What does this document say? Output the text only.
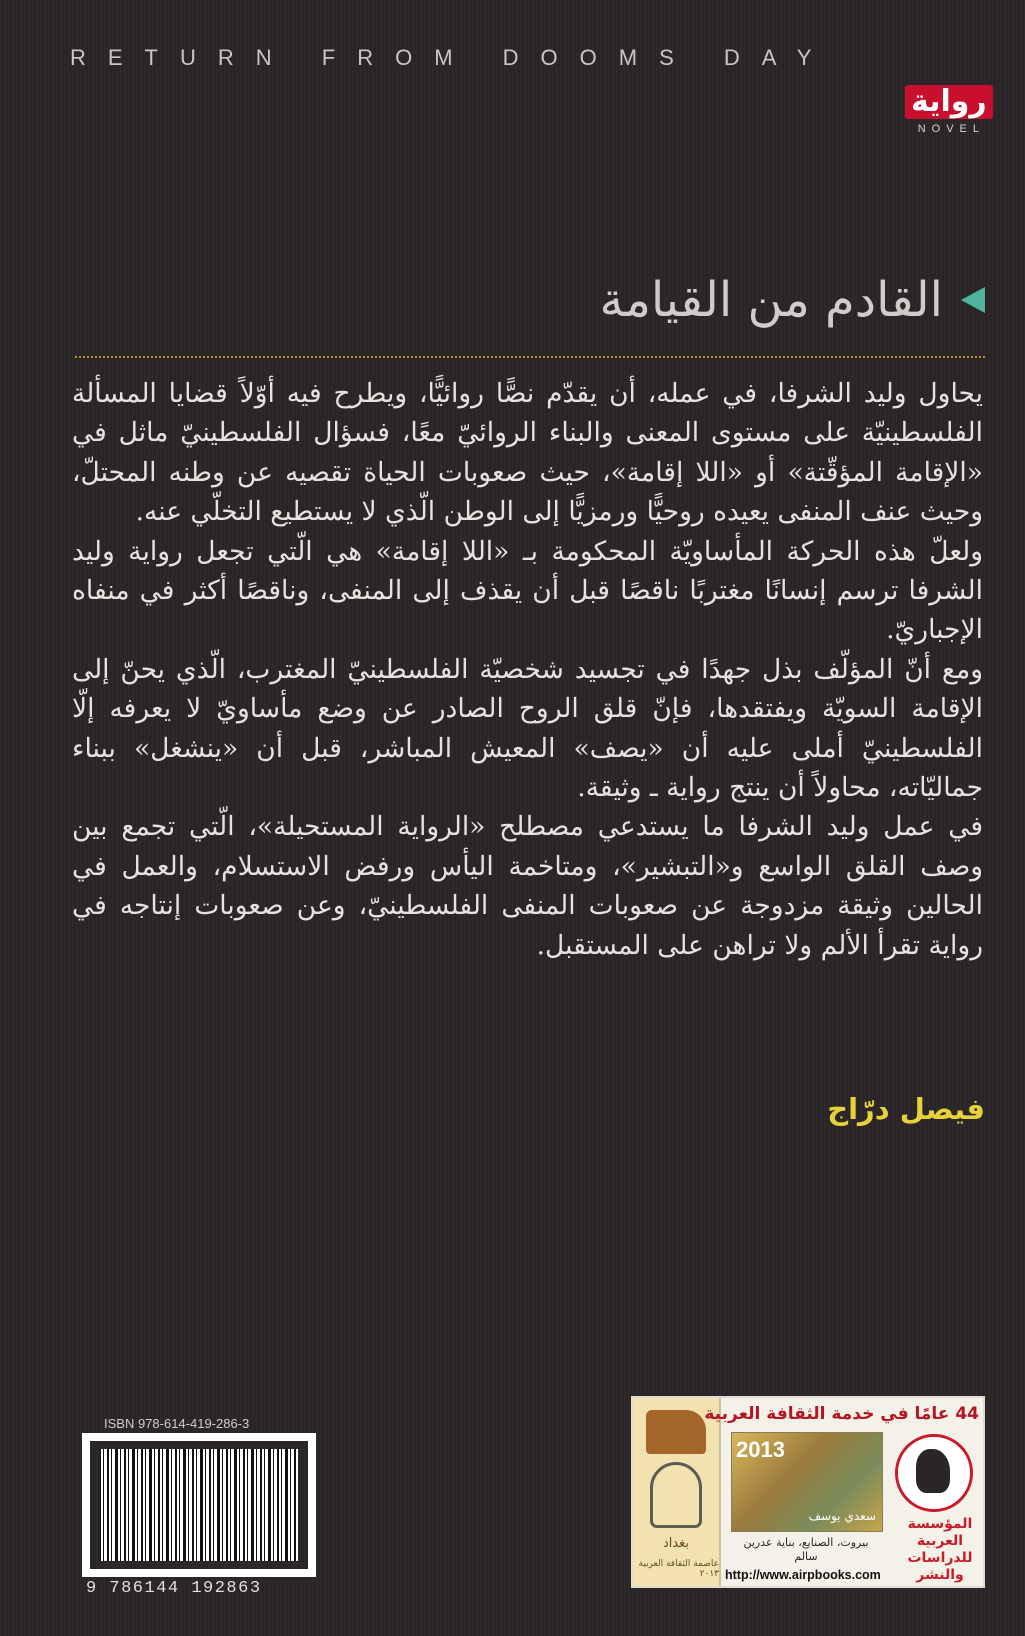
RETURN FROM DOOMS DAY
رواية
NOVEL
القادم من القيامة

يحاول وليد الشرفا، في عمله، أن يقدّم نصًّا روائيًّا، ويطرح فيه أوّلاً قضايا المسألة الفلسطينيّة على مستوى المعنى والبناء الروائيّ معًا، فسؤال الفلسطينيّ ماثل في «الإقامة المؤقّتة» أو «اللا إقامة»، حيث صعوبات الحياة تقصيه عن وطنه المحتلّ، وحيث عنف المنفى يعيده روحيًّا ورمزيًّا إلى الوطن الّذي لا يستطيع التخلّي عنه.

ولعلّ هذه الحركة المأساويّة المحكومة بـ «اللا إقامة» هي الّتي تجعل رواية وليد الشرفا ترسم إنسانًا مغتربًا ناقصًا قبل أن يقذف إلى المنفى، وناقصًا أكثر في منفاه الإجباريّ.

ومع أنّ المؤلّف بذل جهدًا في تجسيد شخصيّة الفلسطينيّ المغترب، الّذي يحنّ إلى الإقامة السويّة ويفتقدها، فإنّ قلق الروح الصادر عن وضع مأساويّ لا يعرفه إلّا الفلسطينيّ أملى عليه أن «يصف» المعيش المباشر، قبل أن «ينشغل» ببناء جماليّاته، محاولاً أن ينتج رواية ـ وثيقة.

في عمل وليد الشرفا ما يستدعي مصطلح «الرواية المستحيلة»، الّتي تجمع بين وصف القلق الواسع و«التبشير»، ومتاخمة اليأس ورفض الاستسلام، والعمل في الحالين وثيقة مزدوجة عن صعوبات المنفى الفلسطينيّ، وعن صعوبات إنتاجه في رواية تقرأ الألم ولا تراهن على المستقبل.

فيصل درّاج
ISBN 978-614-419-286-3
9 786144 192863
بغداد
عاصمة الثقافة العربية ٢٠١٣
44 عامًا في خدمة الثقافة العربية
2013
سعدي يوسف
بيروت، الصنايع، بناية عدرين سالم
المؤسسة العربية للدراسات والنشر
http://www.airpbooks.com
